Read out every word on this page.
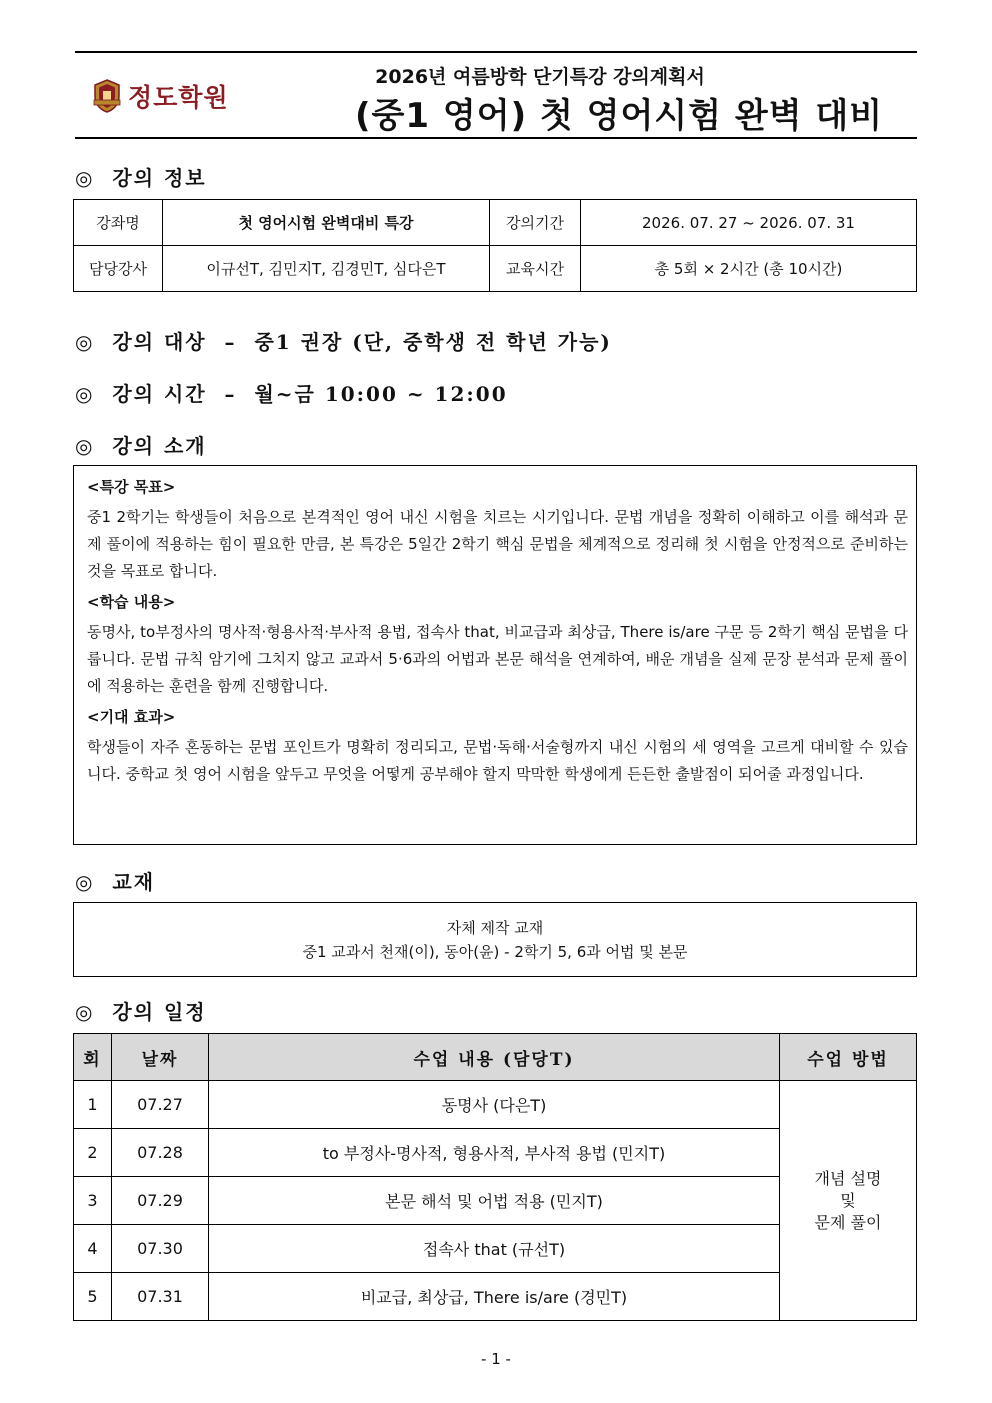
정도학원
2026년 여름방학 단기특강 강의계획서
(중1 영어) 첫 영어시험 완벽 대비
◎  강의 정보
강좌명	첫 영어시험 완벽대비 특강	강의기간	2026. 07. 27 ~ 2026. 07. 31
담당강사	이규선T, 김민지T, 김경민T, 심다은T	교육시간	총 5회 × 2시간 (총 10시간)
◎  강의 대상  –  중1 권장 (단, 중학생 전 학년 가능)
◎  강의 시간  –  월~금 10:00 ~ 12:00
◎  강의 소개
<특강 목표>
중1 2학기는 학생들이 처음으로 본격적인 영어 내신 시험을 치르는 시기입니다. 문법 개념을 정확히 이해하고 이를 해석과 문제 풀이에 적용하는 힘이 필요한 만큼, 본 특강은 5일간 2학기 핵심 문법을 체계적으로 정리해 첫 시험을 안정적으로 준비하는 것을 목표로 합니다.
<학습 내용>
동명사, to부정사의 명사적·형용사적·부사적 용법, 접속사 that, 비교급과 최상급, There is/are 구문 등 2학기 핵심 문법을 다룹니다. 문법 규칙 암기에 그치지 않고 교과서 5·6과의 어법과 본문 해석을 연계하여, 배운 개념을 실제 문장 분석과 문제 풀이에 적용하는 훈련을 함께 진행합니다.
<기대 효과>
학생들이 자주 혼동하는 문법 포인트가 명확히 정리되고, 문법·독해·서술형까지 내신 시험의 세 영역을 고르게 대비할 수 있습니다. 중학교 첫 영어 시험을 앞두고 무엇을 어떻게 공부해야 할지 막막한 학생에게 든든한 출발점이 되어줄 과정입니다.
◎  교재
자체 제작 교재
중1 교과서 천재(이), 동아(윤) - 2학기 5, 6과 어법 및 본문
◎  강의 일정
회	날짜	수업 내용 (담당T)	수업 방법
1	07.27	동명사 (다은T)	개념 설명
및
문제 풀이

2	07.28	to 부정사-명사적, 형용사적, 부사적 용법 (민지T)	
3	07.29	본문 해석 및 어법 적용 (민지T)	
4	07.30	접속사 that (규선T)	
5	07.31	비교급, 최상급, There is/are (경민T)	
- 1 -
